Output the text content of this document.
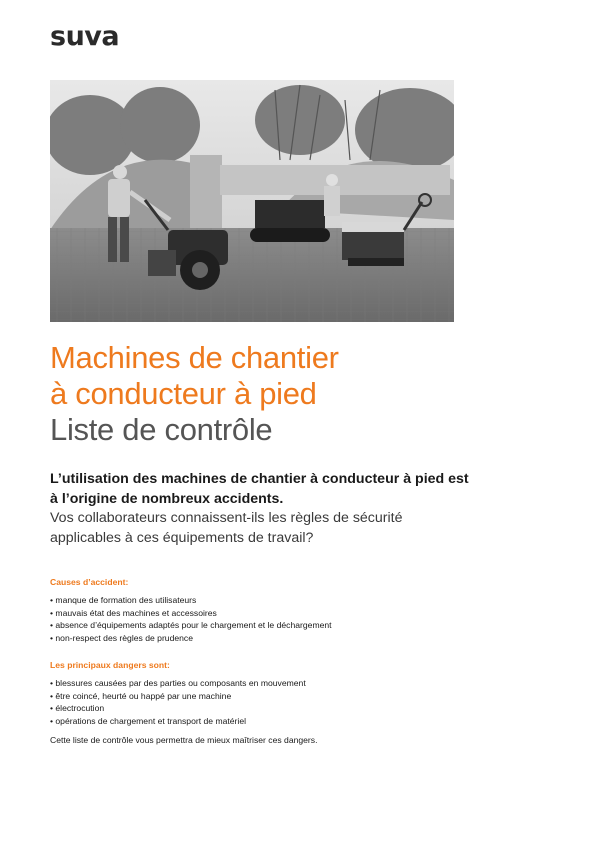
suva
Machines de chantier
à conducteur à pied
Liste de contrôle
L’utilisation des machines de chantier à conducteur à pied est à l’origine de nombreux accidents.
Vos collaborateurs connaissent-ils les règles de sécurité applicables à ces équipements de travail?
Causes d’accident:
• manque de formation des utilisateurs
• mauvais état des machines et accessoires
• absence d’équipements adaptés pour le chargement et le déchargement
• non-respect des règles de prudence
Les principaux dangers sont:
• blessures causées par des parties ou composants en mouvement
• être coincé, heurté ou happé par une machine
• électrocution
• opérations de chargement et transport de matériel
Cette liste de contrôle vous permettra de mieux maîtriser ces dangers.
